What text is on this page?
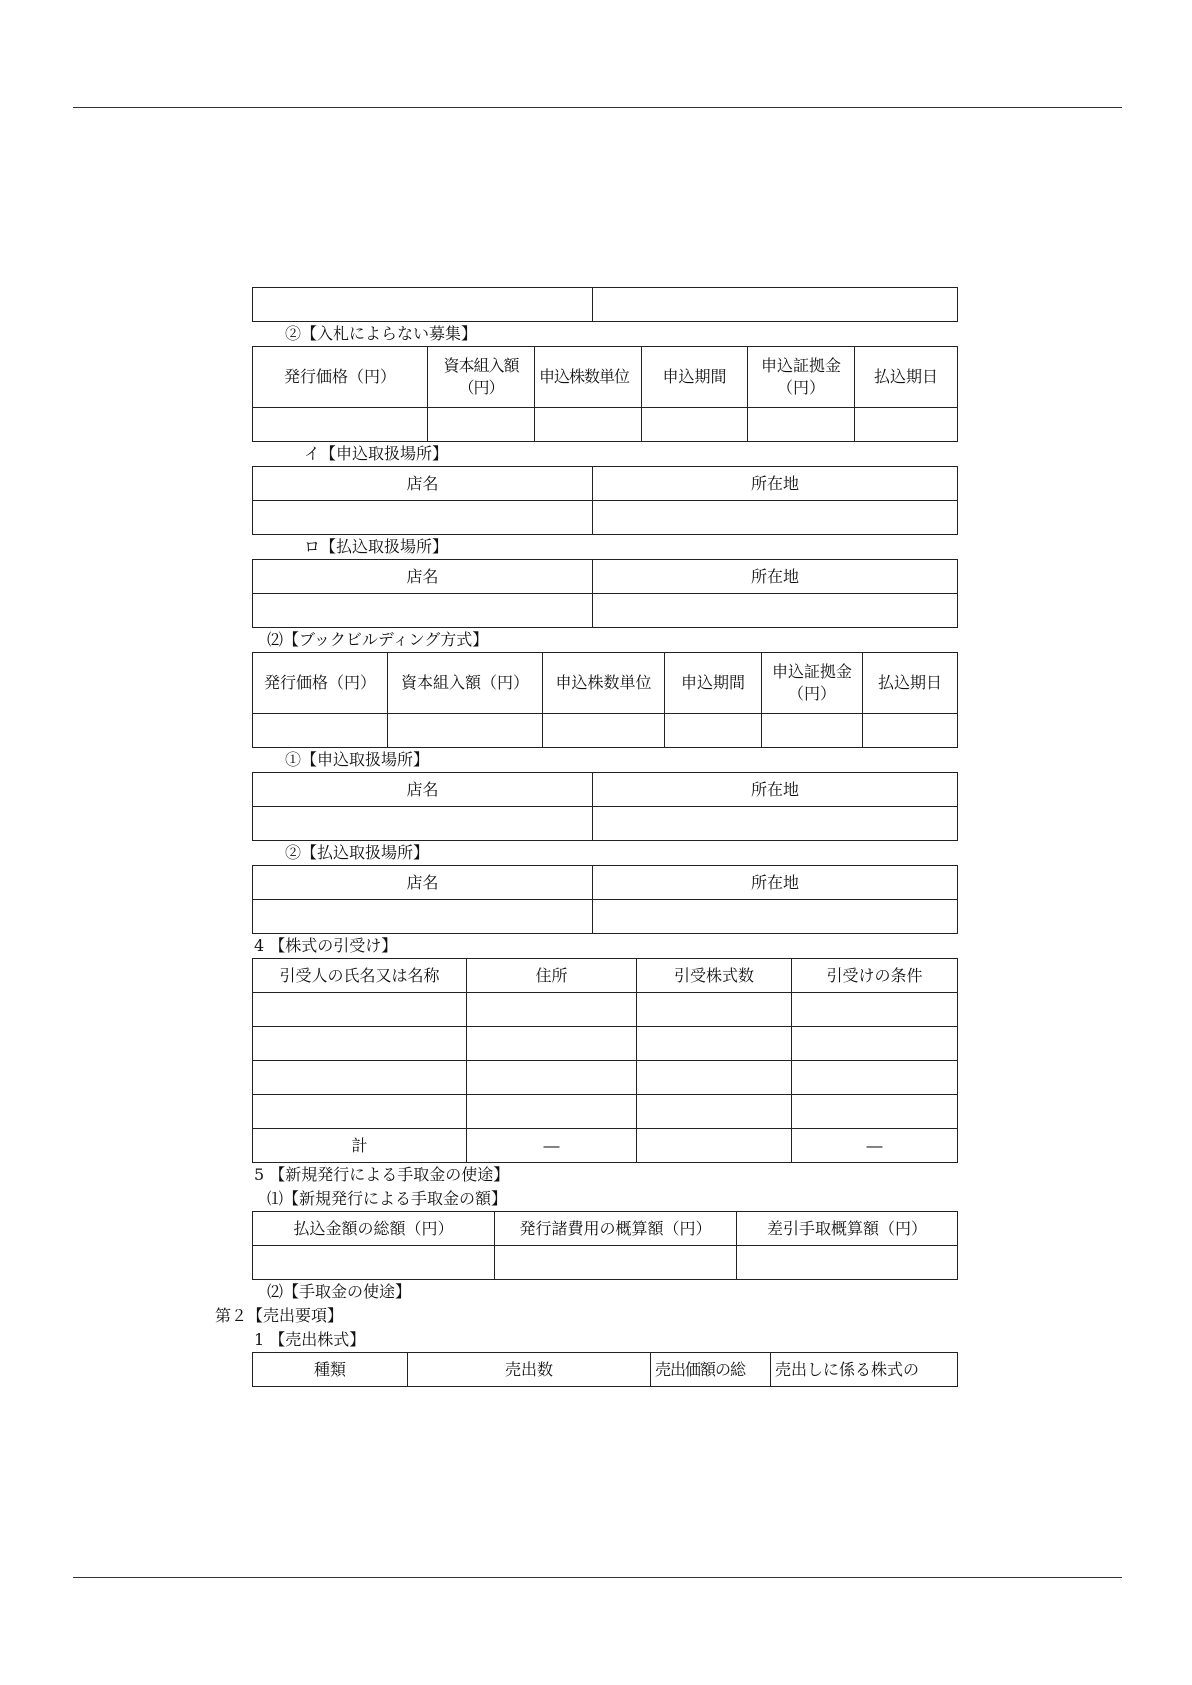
②【入札によらない募集】
発行価格（円）	資本組入額（円）	申込株数単位	申込期間	申込証拠金（円）	払込期日

イ【申込取扱場所】
店名	所在地

ロ【払込取扱場所】
店名	所在地

⑵【ブックビルディング方式】
発行価格（円）	資本組入額（円）	申込株数単位	申込期間	申込証拠金（円）	払込期日

①【申込取扱場所】
店名	所在地

②【払込取扱場所】
店名	所在地

4 【株式の引受け】
引受人の氏名又は名称	住所	引受株式数	引受けの条件

計	―		―
5 【新規発行による手取金の使途】
⑴【新規発行による手取金の額】
払込金額の総額（円）	発行諸費用の概算額（円）	差引手取概算額（円）

⑵【手取金の使途】
第２【売出要項】
1 【売出株式】
種類	売出数	売出価額の総	売出しに係る株式の
